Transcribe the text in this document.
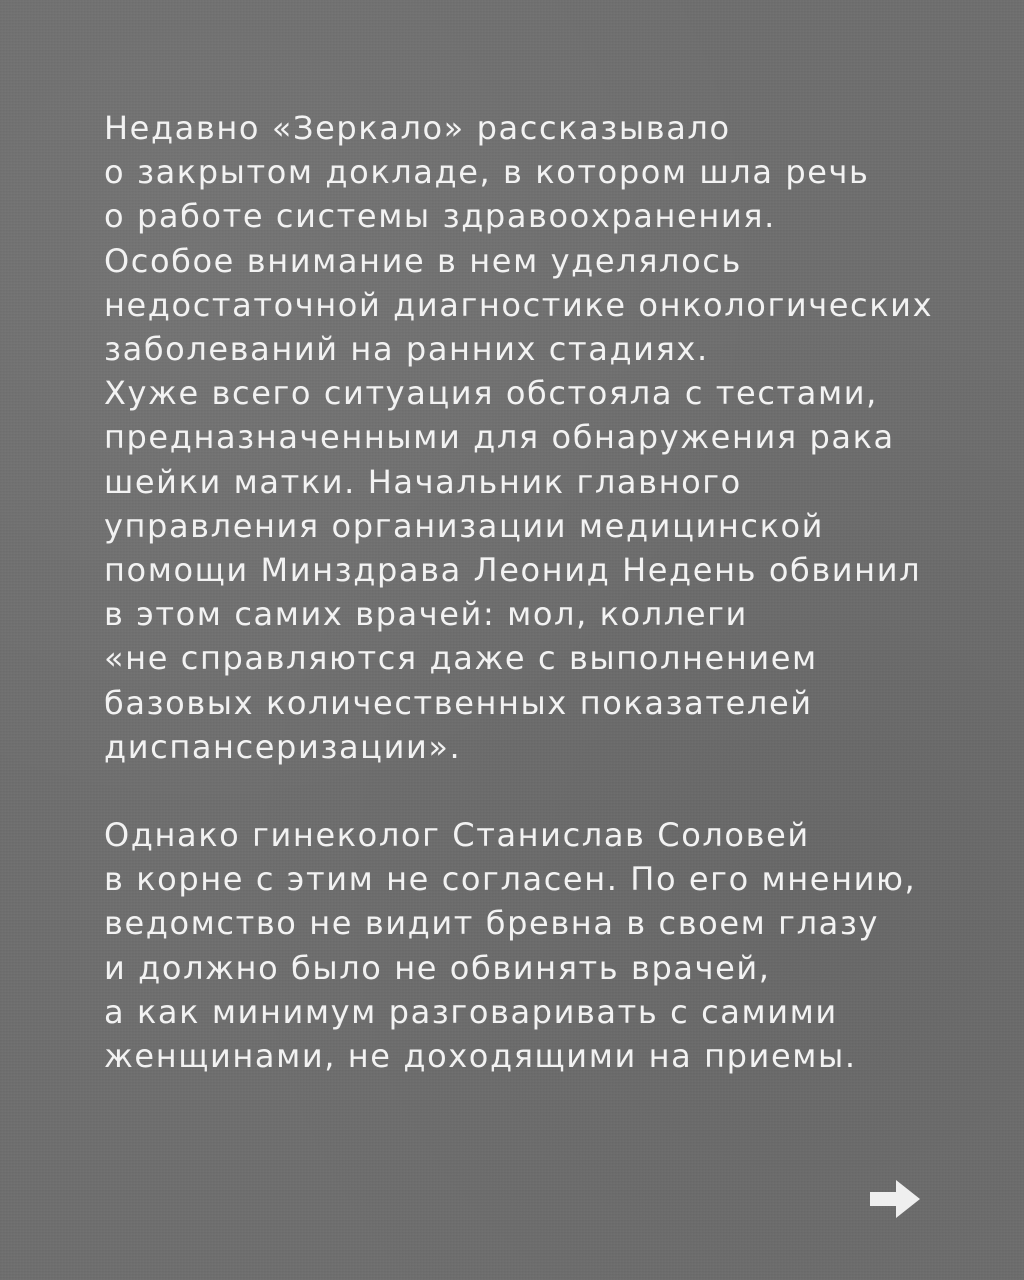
Недавно «Зеркало» рассказывало
о закрытом докладе, в котором шла речь
о работе системы здравоохранения.
Особое внимание в нем уделялось
недостаточной диагностике онкологических
заболеваний на ранних стадиях.
Хуже всего ситуация обстояла с тестами,
предназначенными для обнаружения рака
шейки матки. Начальник главного
управления организации медицинской
помощи Минздрава Леонид Недень обвинил
в этом самих врачей: мол, коллеги
«не справляются даже с выполнением
базовых количественных показателей
диспансеризации».

Однако гинеколог Станислав Соловей
в корне с этим не согласен. По его мнению,
ведомство не видит бревна в своем глазу
и должно было не обвинять врачей,
а как минимум разговаривать с самими
женщинами, не доходящими на приемы.
